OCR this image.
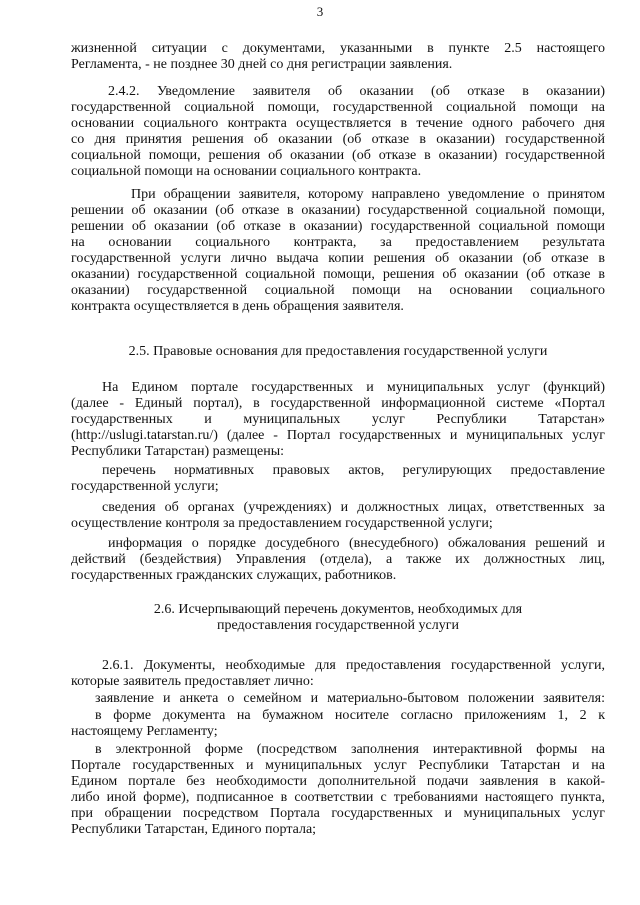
3
жизненной ситуации с документами, указанными в пункте 2.5 настоящего
Регламента, - не позднее 30 дней со дня регистрации заявления.
2.4.2. Уведомление заявителя об оказании (об отказе в оказании)
государственной социальной помощи, государственной социальной помощи на
основании социального контракта осуществляется в течение одного рабочего дня
со дня принятия решения об оказании (об отказе в оказании) государственной
социальной помощи, решения об оказании (об отказе в оказании) государственной
социальной помощи на основании социального контракта.
При обращении заявителя, которому направлено уведомление о принятом
решении об оказании (об отказе в оказании) государственной социальной помощи,
решении об оказании (об отказе в оказании) государственной социальной помощи
на основании социального контракта, за предоставлением результата
государственной услуги лично выдача копии решения об оказании (об отказе в
оказании) государственной социальной помощи, решения об оказании (об отказе в
оказании) государственной социальной помощи на основании социального
контракта осуществляется в день обращения заявителя.
2.5. Правовые основания для предоставления государственной услуги
На Едином портале государственных и муниципальных услуг (функций)
(далее - Единый портал), в государственной информационной системе «Портал
государственных и муниципальных услуг Республики Татарстан»
(http://uslugi.tatarstan.ru/) (далее - Портал государственных и муниципальных услуг
Республики Татарстан) размещены:
перечень нормативных правовых актов, регулирующих предоставление
государственной услуги;
сведения об органах (учреждениях) и должностных лицах, ответственных за
осуществление контроля за предоставлением государственной услуги;
информация о порядке досудебного (внесудебного) обжалования решений и
действий (бездействия) Управления (отдела), а также их должностных лиц,
государственных гражданских служащих, работников.
2.6. Исчерпывающий перечень документов, необходимых для
предоставления государственной услуги
2.6.1. Документы, необходимые для предоставления государственной услуги,
которые заявитель предоставляет лично:
заявление и анкета о семейном и материально-бытовом положении заявителя:
в форме документа на бумажном носителе согласно приложениям 1, 2 к
настоящему Регламенту;
в электронной форме (посредством заполнения интерактивной формы на
Портале государственных и муниципальных услуг Республики Татарстан и на
Едином портале без необходимости дополнительной подачи заявления в какой-
либо иной форме), подписанное в соответствии с требованиями настоящего пункта,
при обращении посредством Портала государственных и муниципальных услуг
Республики Татарстан, Единого портала;
